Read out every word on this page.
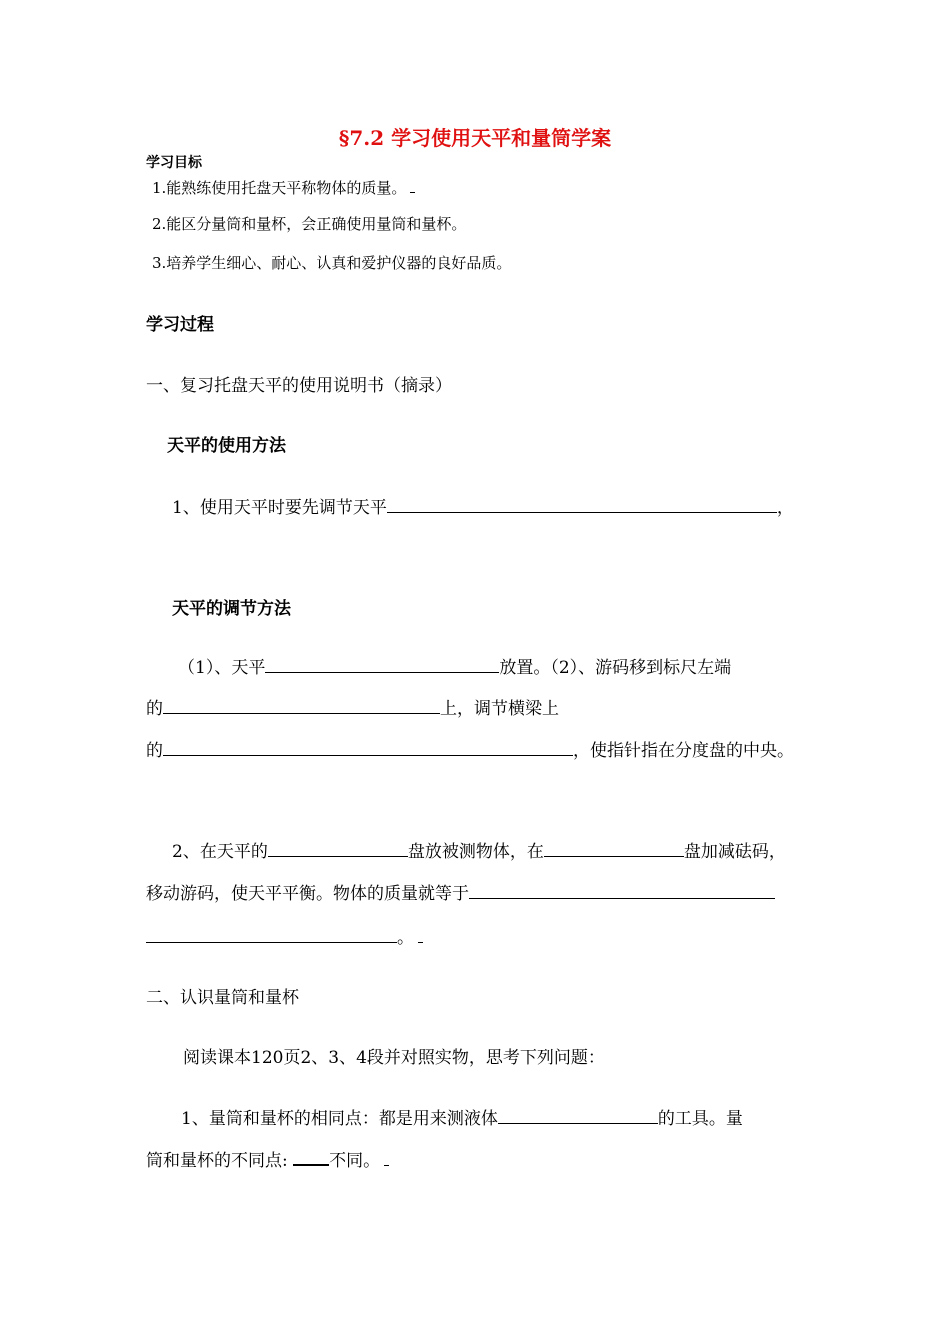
§7.2 学习使用天平和量筒学案
学习目标
1.能熟练使用托盘天平称物体的质量。
2.能区分量筒和量杯，会正确使用量筒和量杯。
3.培养学生细心、耐心、认真和爱护仪器的良好品质。
学习过程
一、复习托盘天平的使用说明书（摘录）
天平的使用方法
1、使用天平时要先调节天平	，
天平的调节方法
（1）、天平	放置。（2）、游码移到标尺左端
的	上，调节横梁上
的	，使指针指在分度盘的中央。
2、在天平的	盘放被测物体，在	盘加减砝码，
移动游码，使天平平衡。物体的质量就等于
。
二、认识量筒和量杯
阅读课本120页2、3、4段并对照实物，思考下列问题：
1、量筒和量杯的相同点：都是用来测液体	的工具。量
筒和量杯的不同点: 不同。
